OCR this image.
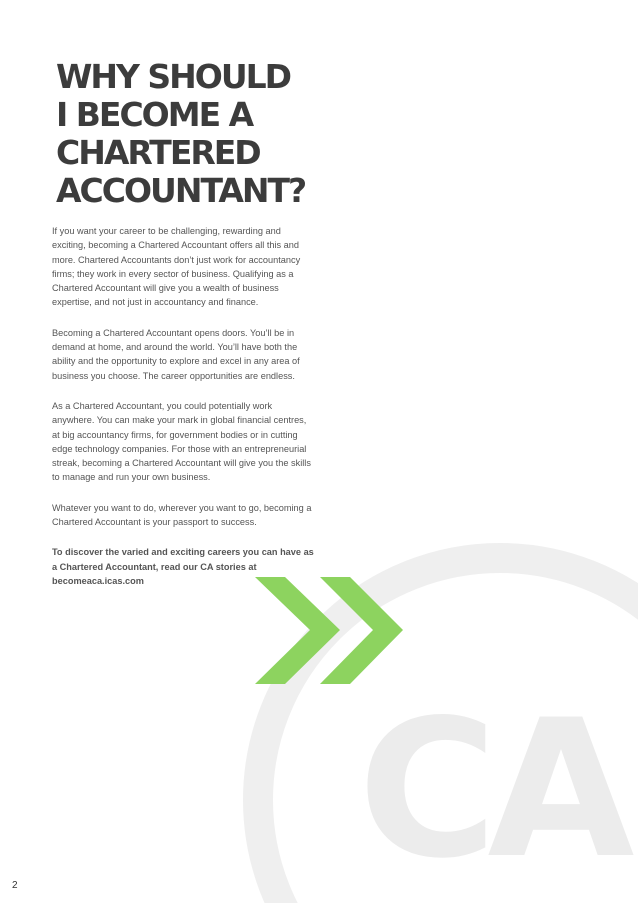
CA
WHY SHOULD
I BECOME A
CHARTERED
ACCOUNTANT?

If you want your career to be challenging, rewarding and exciting, becoming a Chartered Accountant offers all this and more. Chartered Accountants don’t just work for accountancy firms; they work in every sector of business. Qualifying as a Chartered Accountant will give you a wealth of business expertise, and not just in accountancy and finance.

Becoming a Chartered Accountant opens doors. You’ll be in demand at home, and around the world. You’ll have both the ability and the opportunity to explore and excel in any area of business you choose. The career opportunities are endless.

As a Chartered Accountant, you could potentially work anywhere. You can make your mark in global financial centres, at big accountancy firms, for government bodies or in cutting edge technology companies. For those with an entrepreneurial streak, becoming a Chartered Accountant will give you the skills to manage and run your own business.

Whatever you want to do, wherever you want to go, becoming a Chartered Accountant is your passport to success.

To discover the varied and exciting careers you can have as a Chartered Accountant, read our CA stories at becomeaca.icas.com

2
